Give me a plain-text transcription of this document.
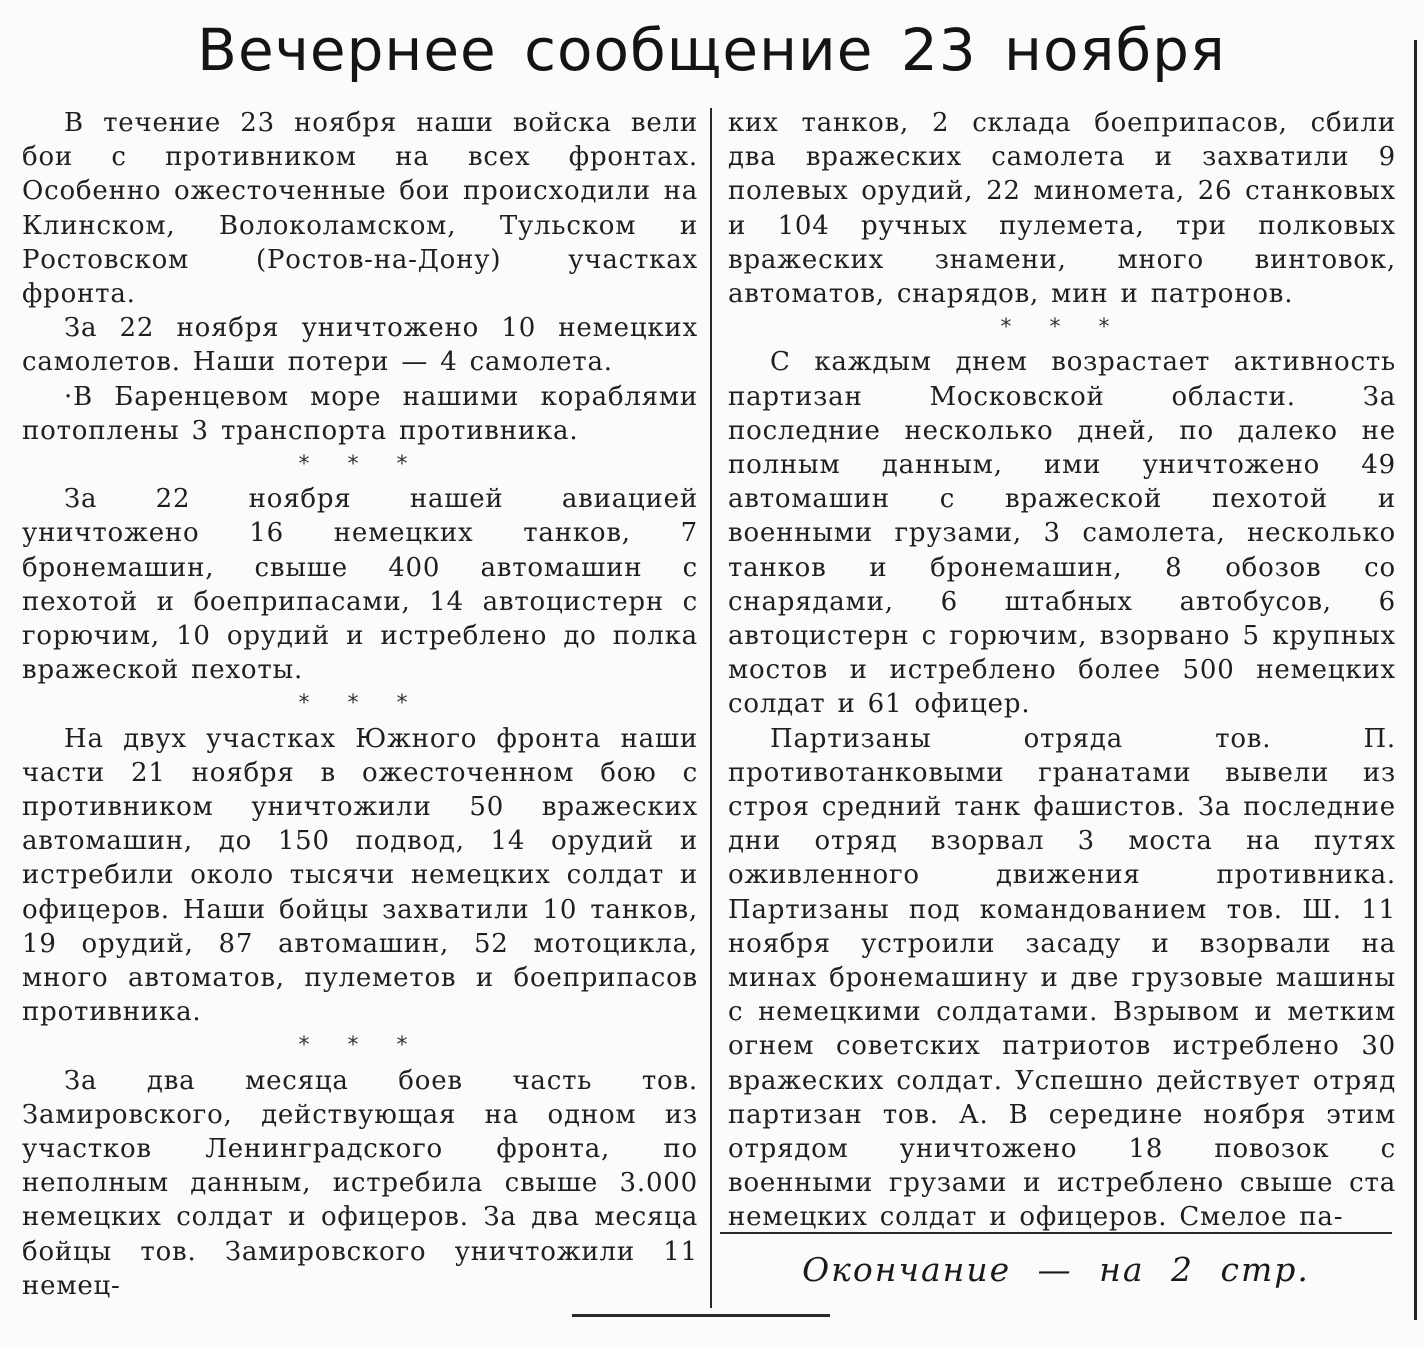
Вечернее сообщение 23 ноября

В течение 23 ноября наши войска вели бои с противником на всех фронтах. Особенно ожесточенные бои происходили на Клинском, Волоколамском, Тульском и Ростовском (Ростов-на-Дону) участках фронта.

За 22 ноября уничтожено 10 немецких самолетов. Наши потери — 4 самолета.

·В Баренцевом море нашими кораблями потоплены 3 транспорта противника.

* * *

За 22 ноября нашей авиацией уничтожено 16 немецких танков, 7 бронемашин, свыше 400 автомашин с пехотой и боеприпасами, 14 автоцистерн с горючим, 10 орудий и истреблено до полка вражеской пехоты.

* * *

На двух участках Южного фронта наши части 21 ноября в ожесточенном бою с противником уничтожили 50 вражеских автомашин, до 150 подвод, 14 орудий и истребили около тысячи немецких солдат и офицеров. Наши бойцы захватили 10 танков, 19 орудий, 87 автомашин, 52 мотоцикла, много автоматов, пулеметов и боеприпасов противника.

* * *

За два месяца боев часть тов. Замировского, действующая на одном из участков Ленинградского фронта, по неполным данным, истребила свыше 3.000 немецких солдат и офицеров. За два месяца бойцы тов. Замировского уничтожили 11 немец-

ких танков, 2 склада боеприпасов, сбили два вражеских самолета и захватили 9 полевых орудий, 22 миномета, 26 станковых и 104 ручных пулемета, три полковых вражеских знамени, много винтовок, автоматов, снарядов, мин и патронов.

* * *

С каждым днем возрастает активность партизан Московской области. За последние несколько дней, по далеко не полным данным, ими уничтожено 49 автомашин с вражеской пехотой и военными грузами, 3 самолета, несколько танков и бронемашин, 8 обозов со снарядами, 6 штабных автобусов, 6 автоцистерн с горючим, взорвано 5 крупных мостов и истреблено более 500 немецких солдат и 61 офицер.

Партизаны отряда тов. П. противотанковыми гранатами вывели из строя средний танк фашистов. За последние дни отряд взорвал 3 моста на путях оживленного движения противника. Партизаны под командованием тов. Ш. 11 ноября устроили засаду и взорвали на минах бронемашину и две грузовые машины с немецкими солдатами. Взрывом и метким огнем советских патриотов истреблено 30 вражеских солдат. Успешно действует отряд партизан тов. А. В середине ноября этим отрядом уничтожено 18 повозок с военными грузами и истреблено свыше ста немецких солдат и офицеров. Смелое па-

Окончание — на 2 стр.
